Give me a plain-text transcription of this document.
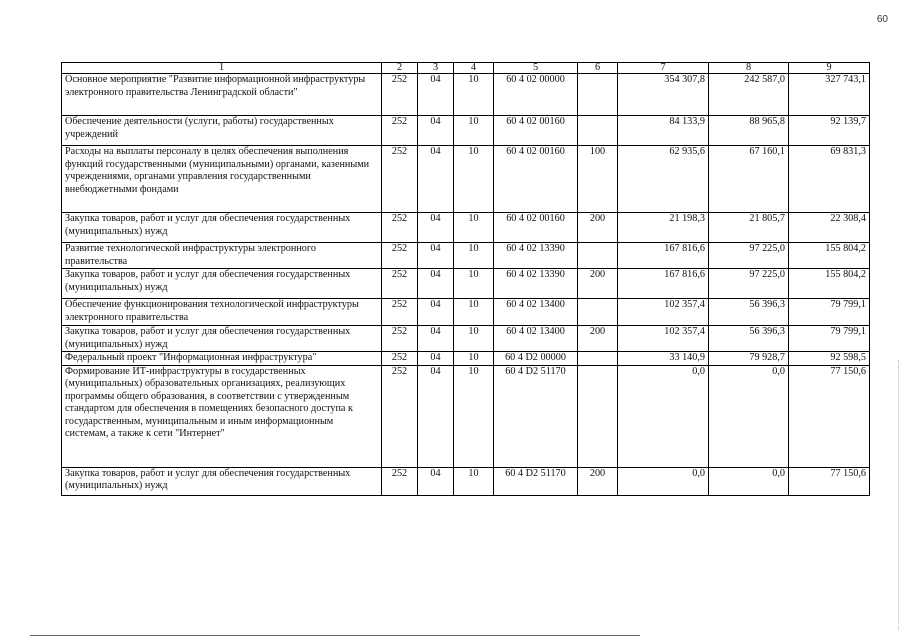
60
1	2	3	4	5	6	7	8	9
Основное мероприятие "Развитие информационной инфраструктуры электронного правительства Ленинградской области"	252	04	10	60 4 02 00000		354 307,8	242 587,0	327 743,1
Обеспечение деятельности (услуги, работы) государственных учреждений	252	04	10	60 4 02 00160		84 133,9	88 965,8	92 139,7
Расходы на выплаты персоналу в целях обеспечения выполнения функций государственными (муниципальными) органами, казенными учреждениями, органами управления государственными внебюджетными фондами	252	04	10	60 4 02 00160	100	62 935,6	67 160,1	69 831,3
Закупка товаров, работ и услуг для обеспечения государственных (муниципальных) нужд	252	04	10	60 4 02 00160	200	21 198,3	21 805,7	22 308,4
Развитие технологической инфраструктуры электронного правительства	252	04	10	60 4 02 13390		167 816,6	97 225,0	155 804,2
Закупка товаров, работ и услуг для обеспечения государственных (муниципальных) нужд	252	04	10	60 4 02 13390	200	167 816,6	97 225,0	155 804,2
Обеспечение функционирования технологической инфраструктуры электронного правительства	252	04	10	60 4 02 13400		102 357,4	56 396,3	79 799,1
Закупка товаров, работ и услуг для обеспечения государственных (муниципальных) нужд	252	04	10	60 4 02 13400	200	102 357,4	56 396,3	79 799,1
Федеральный проект "Информационная инфраструктура"	252	04	10	60 4 D2 00000		33 140,9	79 928,7	92 598,5
Формирование ИТ-инфраструктуры в государственных (муниципальных) образовательных организациях, реализующих программы общего образования, в соответствии с утвержденным стандартом для обеспечения в помещениях безопасного доступа к государственным, муниципальным и иным информационным системам, а также к сети "Интернет"	252	04	10	60 4 D2 51170		0,0	0,0	77 150,6
Закупка товаров, работ и услуг для обеспечения государственных (муниципальных) нужд	252	04	10	60 4 D2 51170	200	0,0	0,0	77 150,6
